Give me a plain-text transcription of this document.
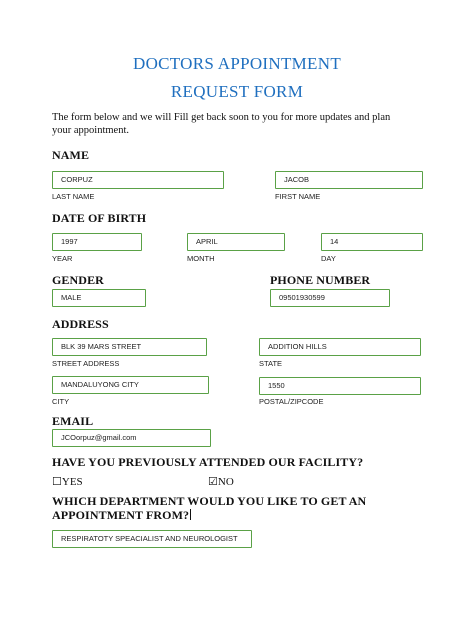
DOCTORS APPOINTMENT
REQUEST FORM
The form below and we will Fill get back soon to you for more updates and plan
your appointment.
NAME
CORPUZ
LAST NAME
JACOB
FIRST NAME
DATE OF BIRTH
1997
YEAR
APRIL
MONTH
14
DAY
GENDER
MALE
PHONE NUMBER
09501930599
ADDRESS
BLK 39 MARS STREET
STREET ADDRESS
ADDITION HILLS
STATE
MANDALUYONG CITY
CITY
1550
POSTAL/ZIPCODE
EMAIL
JCOorpuz@gmail.com
HAVE YOU PREVIOUSLY ATTENDED OUR FACILITY?
☐YES	☑NO
WHICH DEPARTMENT WOULD YOU LIKE TO GET AN
APPOINTMENT FROM?
RESPIRATOTY SPEACIALIST AND NEUROLOGIST
